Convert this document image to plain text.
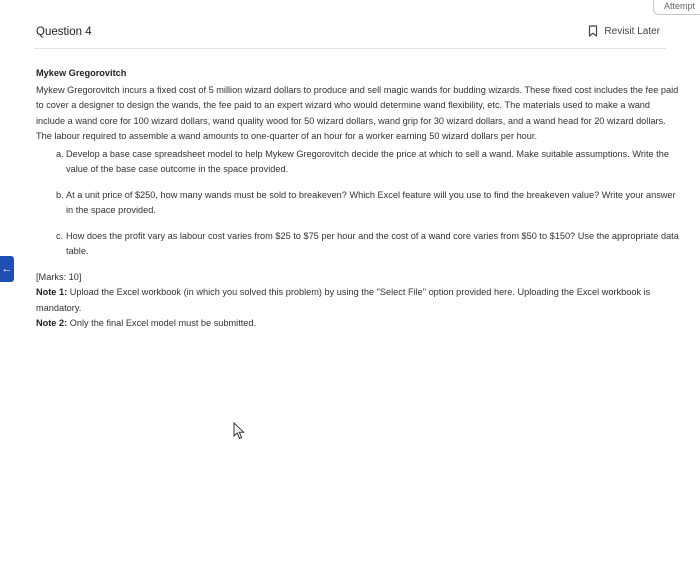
Attempt
Question 4	Revisit Later
Mykew Gregorovitch

Mykew Gregorovitch incurs a fixed cost of 5 million wizard dollars to produce and sell magic wands for budding wizards. These fixed cost includes the fee paid to cover a designer to design the wands, the fee paid to an expert wizard who would determine wand flexibility, etc. The materials used to make a wand include a wand core for 100 wizard dollars, wand quality wood for 50 wizard dollars, wand grip for 30 wizard dollars, and a wand head for 20 wizard dollars. The labour required to assemble a wand amounts to one-quarter of an hour for a worker earning 50 wizard dollars per hour.

a. Develop a base case spreadsheet model to help Mykew Gregorovitch decide the price at which to sell a wand. Make suitable assumptions. Write the value of the base case outcome in the space provided.
b. At a unit price of $250, how many wands must be sold to breakeven? Which Excel feature will you use to find the breakeven value? Write your answer in the space provided.
c. How does the profit vary as labour cost varies from $25 to $75 per hour and the cost of a wand core varies from $50 to $150? Use the appropriate data table.
[Marks: 10]
Note 1: Upload the Excel workbook (in which you solved this problem) by using the "Select File" option provided here. Uploading the Excel workbook is mandatory.
Note 2: Only the final Excel model must be submitted.
←
